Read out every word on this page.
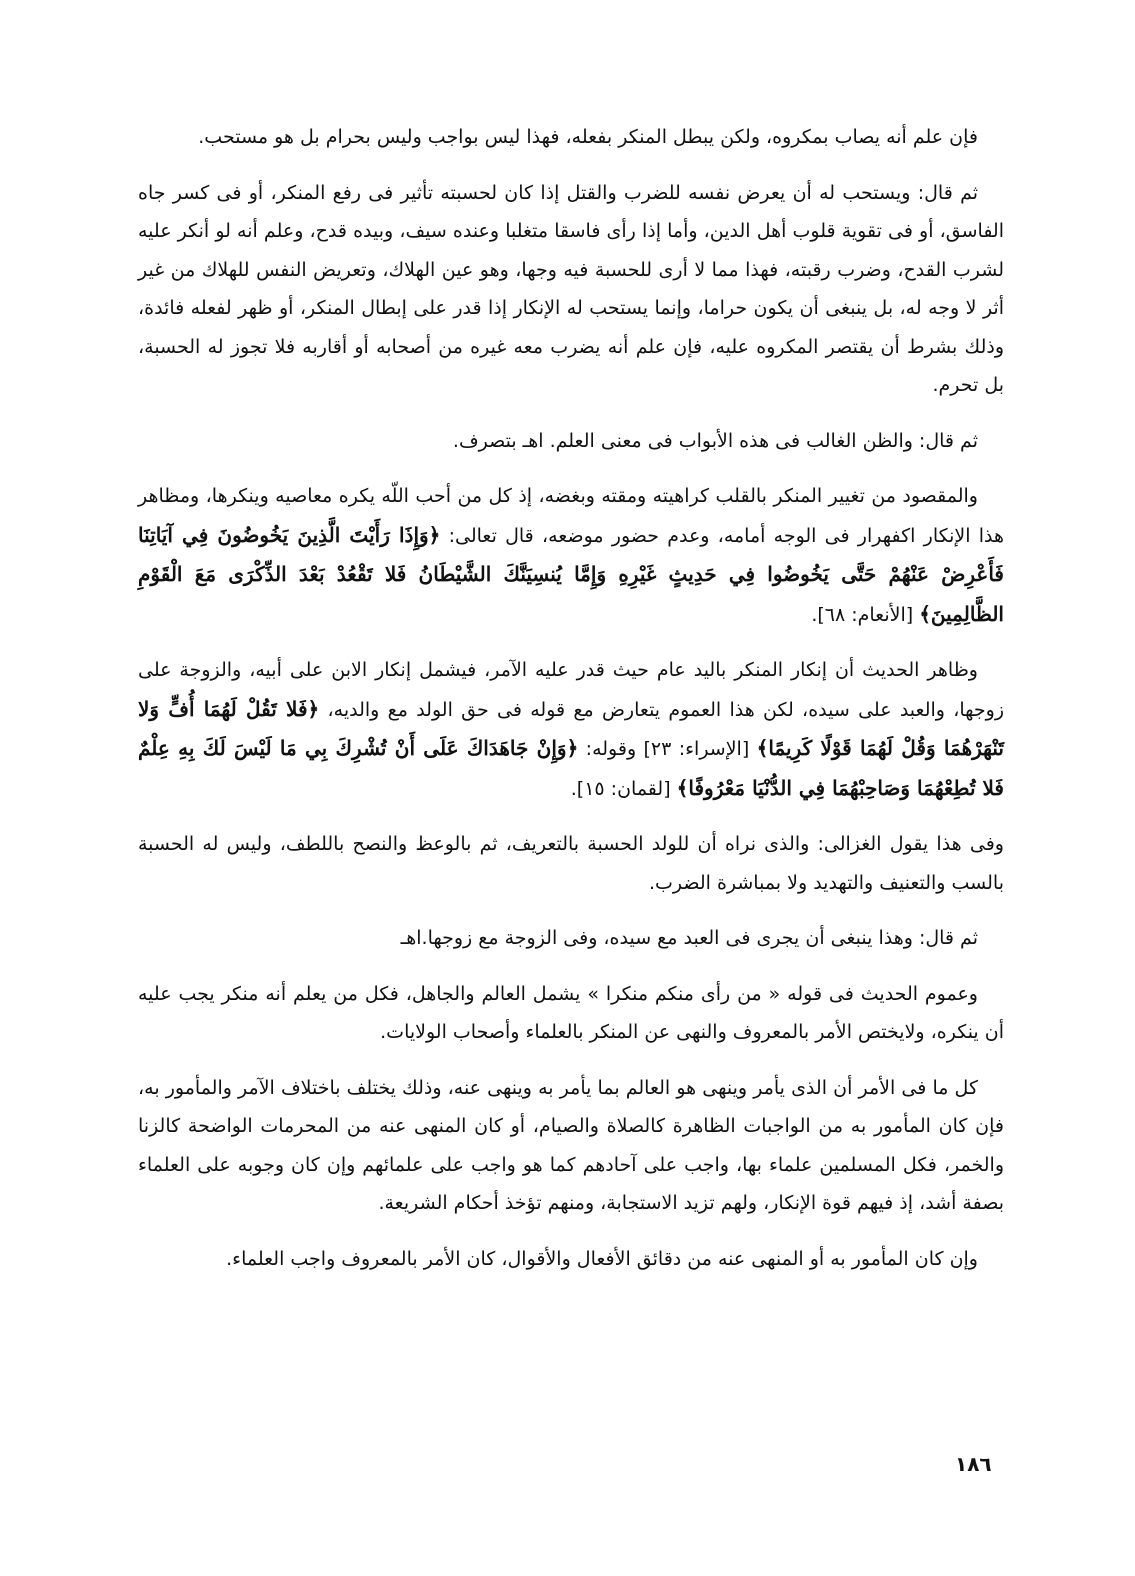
فإن علم أنه يصاب بمكروه، ولكن يبطل المنكر بفعله، فهذا ليس بواجب وليس بحرام بل هو مستحب.

ثم قال: ويستحب له أن يعرض نفسه للضرب والقتل إذا كان لحسبته تأثير فى رفع المنكر، أو فى كسر جاه الفاسق، أو فى تقوية قلوب أهل الدين، وأما إذا رأى فاسقا متغلبا وعنده سيف، وبيده قدح، وعلم أنه لو أنكر عليه لشرب القدح، وضرب رقبته، فهذا مما لا أرى للحسبة فيه وجها، وهو عين الهلاك، وتعريض النفس للهلاك من غير أثر لا وجه له، بل ينبغى أن يكون حراما، وإنما يستحب له الإنكار إذا قدر على إبطال المنكر، أو ظهر لفعله فائدة، وذلك بشرط أن يقتصر المكروه عليه، فإن علم أنه يضرب معه غيره من أصحابه أو أقاربه فلا تجوز له الحسبة، بل تحرم.

ثم قال: والظن الغالب فى هذه الأبواب فى معنى العلم. اهـ بتصرف.

والمقصود من تغيير المنكر بالقلب كراهيته ومقته وبغضه، إذ كل من أحب اللّه يكره معاصيه وينكرها، ومظاهر هذا الإنكار اكفهرار فى الوجه أمامه، وعدم حضور موضعه، قال تعالى: ﴿وَإِذَا رَأَيْتَ الَّذِينَ يَخُوضُونَ فِي آيَاتِنَا فَأَعْرِضْ عَنْهُمْ حَتَّى يَخُوضُوا فِي حَدِيثٍ غَيْرِهِ وَإِمَّا يُنسِيَنَّكَ الشَّيْطَانُ فَلا تَقْعُدْ بَعْدَ الذِّكْرَى مَعَ الْقَوْمِ الظَّالِمِينَ﴾ [الأنعام: ٦٨].

وظاهر الحديث أن إنكار المنكر باليد عام حيث قدر عليه الآمر، فيشمل إنكار الابن على أبيه، والزوجة على زوجها، والعبد على سيده، لكن هذا العموم يتعارض مع قوله فى حق الولد مع والديه، ﴿فَلا تَقُلْ لَهُمَا أُفٍّ وَلا تَنْهَرْهُمَا وَقُلْ لَهُمَا قَوْلًا كَرِيمًا﴾ [الإسراء: ٢٣] وقوله: ﴿وَإِنْ جَاهَدَاكَ عَلَى أَنْ تُشْرِكَ بِي مَا لَيْسَ لَكَ بِهِ عِلْمٌ فَلا تُطِعْهُمَا وَصَاحِبْهُمَا فِي الدُّنْيَا مَعْرُوفًا﴾ [لقمان: ١٥].

وفى هذا يقول الغزالى: والذى نراه أن للولد الحسبة بالتعريف، ثم بالوعظ والنصح باللطف، وليس له الحسبة بالسب والتعنيف والتهديد ولا بمباشرة الضرب.

ثم قال: وهذا ينبغى أن يجرى فى العبد مع سيده، وفى الزوجة مع زوجها.اهـ

وعموم الحديث فى قوله « من رأى منكم منكرا » يشمل العالم والجاهل، فكل من يعلم أنه منكر يجب عليه أن ينكره، ولايختص الأمر بالمعروف والنهى عن المنكر بالعلماء وأصحاب الولايات.

كل ما فى الأمر أن الذى يأمر وينهى هو العالم بما يأمر به وينهى عنه، وذلك يختلف باختلاف الآمر والمأمور به، فإن كان المأمور به من الواجبات الظاهرة كالصلاة والصيام، أو كان المنهى عنه من المحرمات الواضحة كالزنا والخمر، فكل المسلمين علماء بها، واجب على آحادهم كما هو واجب على علمائهم وإن كان وجوبه على العلماء بصفة أشد، إذ فيهم قوة الإنكار، ولهم تزيد الاستجابة، ومنهم تؤخذ أحكام الشريعة.

وإن كان المأمور به أو المنهى عنه من دقائق الأفعال والأقوال، كان الأمر بالمعروف واجب العلماء.

١٨٦
